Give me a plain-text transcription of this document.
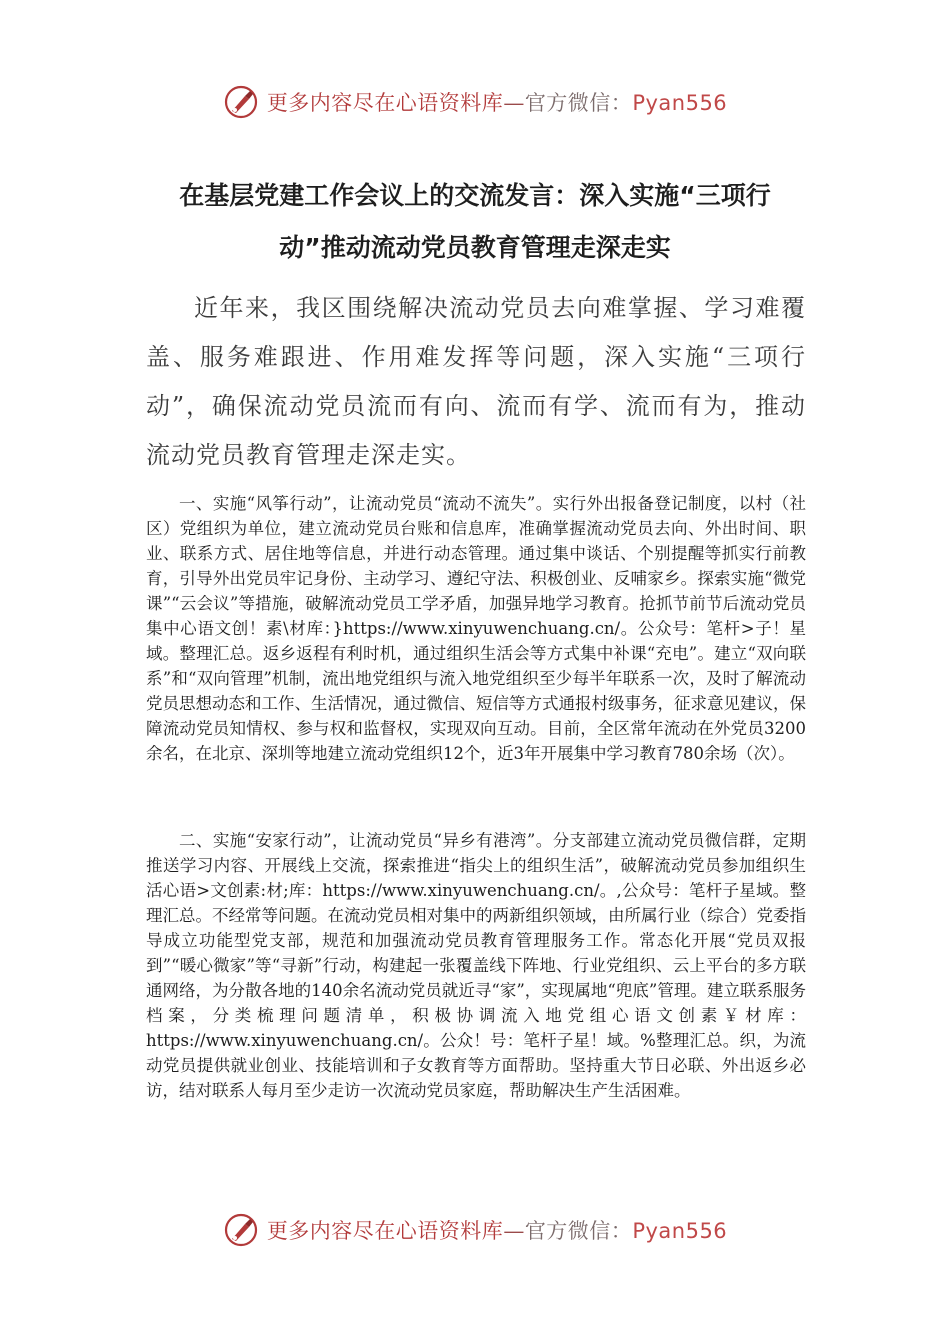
更多内容尽在心语资料库—官方微信：Pyan556
在基层党建工作会议上的交流发言：深入实施“三项行动”推动流动党员教育管理走深走实

近年来，我区围绕解决流动党员去向难掌握、学习难覆盖、服务难跟进、作用难发挥等问题，深入实施“三项行动”，确保流动党员流而有向、流而有学、流而有为，推动流动党员教育管理走深走实。

一、实施“风筝行动”，让流动党员“流动不流失”。实行外出报备登记制度，以村（社区）党组织为单位，建立流动党员台账和信息库，准确掌握流动党员去向、外出时间、职业、联系方式、居住地等信息，并进行动态管理。通过集中谈话、个别提醒等抓实行前教育，引导外出党员牢记身份、主动学习、遵纪守法、积极创业、反哺家乡。探索实施“微党课”“云会议”等措施，破解流动党员工学矛盾，加强异地学习教育。抢抓节前节后流动党员集中心语文创！素\材库：}https://www.xinyuwenchuang.cn/。公众号：笔杆>子！星域。整理汇总。返乡返程有利时机，通过组织生活会等方式集中补课“充电”。建立“双向联系”和“双向管理”机制，流出地党组织与流入地党组织至少每半年联系一次，及时了解流动党员思想动态和工作、生活情况，通过微信、短信等方式通报村级事务，征求意见建议，保障流动党员知情权、参与权和监督权，实现双向互动。目前，全区常年流动在外党员3200余名，在北京、深圳等地建立流动党组织12个，近3年开展集中学习教育780余场（次）。

二、实施“安家行动”，让流动党员“异乡有港湾”。分支部建立流动党员微信群，定期推送学习内容、开展线上交流，探索推进“指尖上的组织生活”，破解流动党员参加组织生活心语>文创素:材;库：https://www.xinyuwenchuang.cn/。,公众号：笔杆子星域。整理汇总。不经常等问题。在流动党员相对集中的两新组织领域，由所属行业（综合）党委指导成立功能型党支部，规范和加强流动党员教育管理服务工作。常态化开展“党员双报到”“暖心微家”等“寻新”行动，构建起一张覆盖线下阵地、行业党组织、云上平台的多方联通网络，为分散各地的140余名流动党员就近寻“家”，实现属地“兜底”管理。建立联系服务档案，分类梳理问题清单，积极协调流入地党组心语文创素￥材库：https://www.xinyuwenchuang.cn/。公众！号：笔杆子星！域。%整理汇总。织，为流动党员提供就业创业、技能培训和子女教育等方面帮助。坚持重大节日必联、外出返乡必访，结对联系人每月至少走访一次流动党员家庭，帮助解决生产生活困难。

更多内容尽在心语资料库—官方微信：Pyan556
